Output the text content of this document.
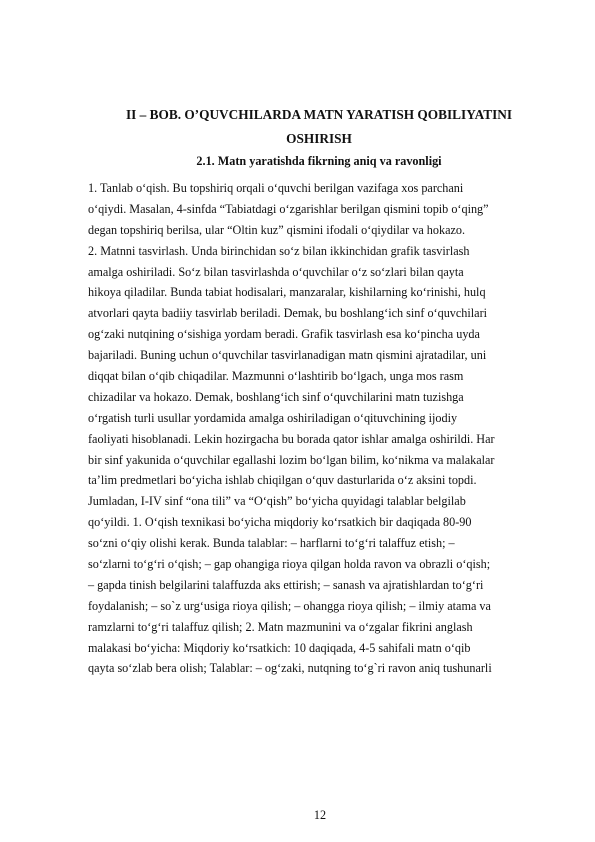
II – BOB. O’QUVCHILARDA MATN YARATISH QOBILIYATINI
OSHIRISH
2.1. Matn yaratishda fikrning aniq va ravonligi
1. Tanlab o‘qish. Bu topshiriq orqali o‘quvchi berilgan vazifaga xos parchani
o‘qiydi. Masalan, 4-sinfda “Tabiatdagi o‘zgarishlar berilgan qismini topib o‘qing”
degan topshiriq berilsa, ular “Oltin kuz” qismini ifodali o‘qiydilar va hokazo.
2. Matnni tasvirlash. Unda birinchidan so‘z bilan ikkinchidan grafik tasvirlash
amalga oshiriladi. So‘z bilan tasvirlashda o‘quvchilar o‘z so‘zlari bilan qayta
hikoya qiladilar. Bunda tabiat hodisalari, manzaralar, kishilarning ko‘rinishi, hulq
atvorlari qayta badiiy tasvirlab beriladi. Demak, bu boshlang‘ich sinf o‘quvchilari
og‘zaki nutqining o‘sishiga yordam beradi. Grafik tasvirlash esa ko‘pincha uyda
bajariladi. Buning uchun o‘quvchilar tasvirlanadigan matn qismini ajratadilar, uni
diqqat bilan o‘qib chiqadilar. Mazmunni o‘lashtirib bo‘lgach, unga mos rasm
chizadilar va hokazo. Demak, boshlang‘ich sinf o‘quvchilarini matn tuzishga
o‘rgatish turli usullar yordamida amalga oshiriladigan o‘qituvchining ijodiy
faoliyati hisoblanadi. Lekin hozirgacha bu borada qator ishlar amalga oshirildi. Har
bir sinf yakunida o‘quvchilar egallashi lozim bo‘lgan bilim, ko‘nikma va malakalar
ta’lim predmetlari bo‘yicha ishlab chiqilgan o‘quv dasturlarida o‘z aksini topdi.
Jumladan, I-IV sinf “ona tili” va “O‘qish” bo‘yicha quyidagi talablar belgilab
qo‘yildi. 1. O‘qish texnikasi bo‘yicha miqdoriy ko‘rsatkich bir daqiqada 80-90
so‘zni o‘qiy olishi kerak. Bunda talablar: – harflarni to‘g‘ri talaffuz etish; –
so‘zlarni to‘g‘ri o‘qish; – gap ohangiga rioya qilgan holda ravon va obrazli o‘qish;
– gapda tinish belgilarini talaffuzda aks ettirish; – sanash va ajratishlardan to‘g‘ri
foydalanish; – so`z urg‘usiga rioya qilish; – ohangga rioya qilish; – ilmiy atama va
ramzlarni to‘g‘ri talaffuz qilish; 2. Matn mazmunini va o‘zgalar fikrini anglash
malakasi bo‘yicha: Miqdoriy ko‘rsatkich: 10 daqiqada, 4-5 sahifali matn o‘qib
qayta so‘zlab bera olish; Talablar: – og‘zaki, nutqning to‘g`ri ravon aniq tushunarli
12
